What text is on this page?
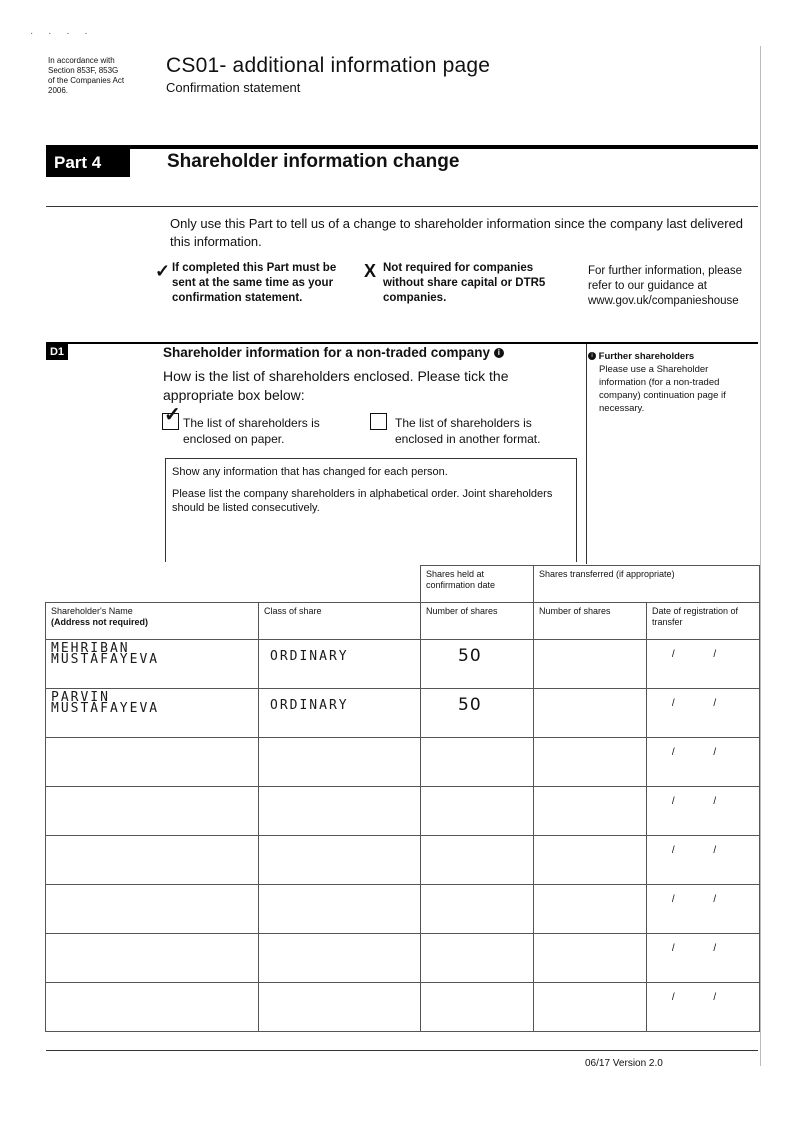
· · · ·
In accordance with
Section 853F, 853G
of the Companies Act
2006.
CS01- additional information page
Confirmation statement
Part 4	Shareholder information change
Only use this Part to tell us of a change to shareholder information since the company last delivered this information.
✓ If completed this Part must be sent at the same time as your confirmation statement.
X Not required for companies without share capital or DTR5 companies.
For further information, please refer to our guidance at www.gov.uk/companieshouse
D1	Shareholder information for a non-traded company i
How is the list of shareholders enclosed. Please tick the appropriate box below:
✓ The list of shareholders is enclosed on paper.
The list of shareholders is enclosed in another format.
i Further shareholders
Please use a Shareholder information (for a non-traded company) continuation page if necessary.

Show any information that has changed for each person.

Please list the company shareholders in alphabetical order. Joint shareholders should be listed consecutively.

		Shares held at confirmation date	Shares transferred (if appropriate)	

Shareholder's Name
(Address not required)	Class of share	Number of shares	Number of shares	Date of registration of transfer

MEHRIBAN
MUSTAFAYEVA	ORDINARY	50		/ /

PARVIN
MUSTAFAYEVA	ORDINARY	50		/ /

				/ /

				/ /

				/ /

				/ /

				/ /

				/ /
06/17 Version 2.0
